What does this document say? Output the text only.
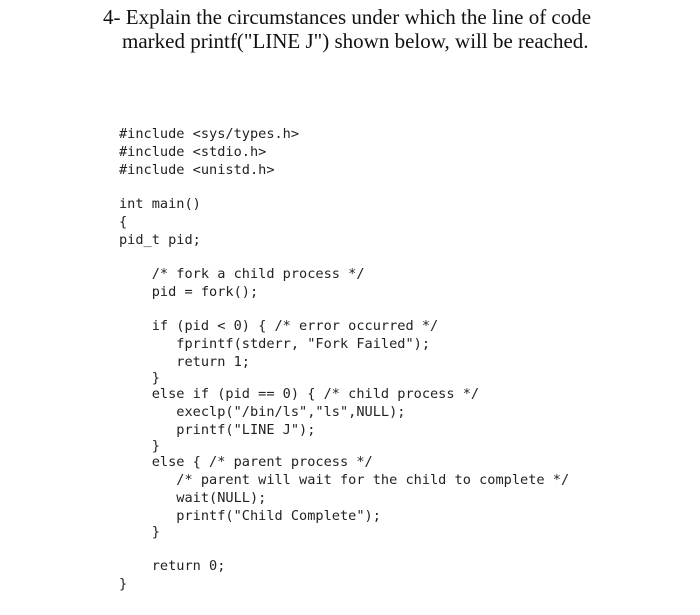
4- Explain the circumstances under which the line of code
marked printf("LINE J") shown below, will be reached.
#include <sys/types.h>
#include <stdio.h>
#include <unistd.h>
int main()
{
pid_t pid;
/* fork a child process */
pid = fork();
if (pid < 0) { /* error occurred */
fprintf(stderr, "Fork Failed");
return 1;
}
else if (pid == 0) { /* child process */
execlp("/bin/ls","ls",NULL);
printf("LINE J");
}
else { /* parent process */
/* parent will wait for the child to complete */
wait(NULL);
printf("Child Complete");
}
return 0;
}
